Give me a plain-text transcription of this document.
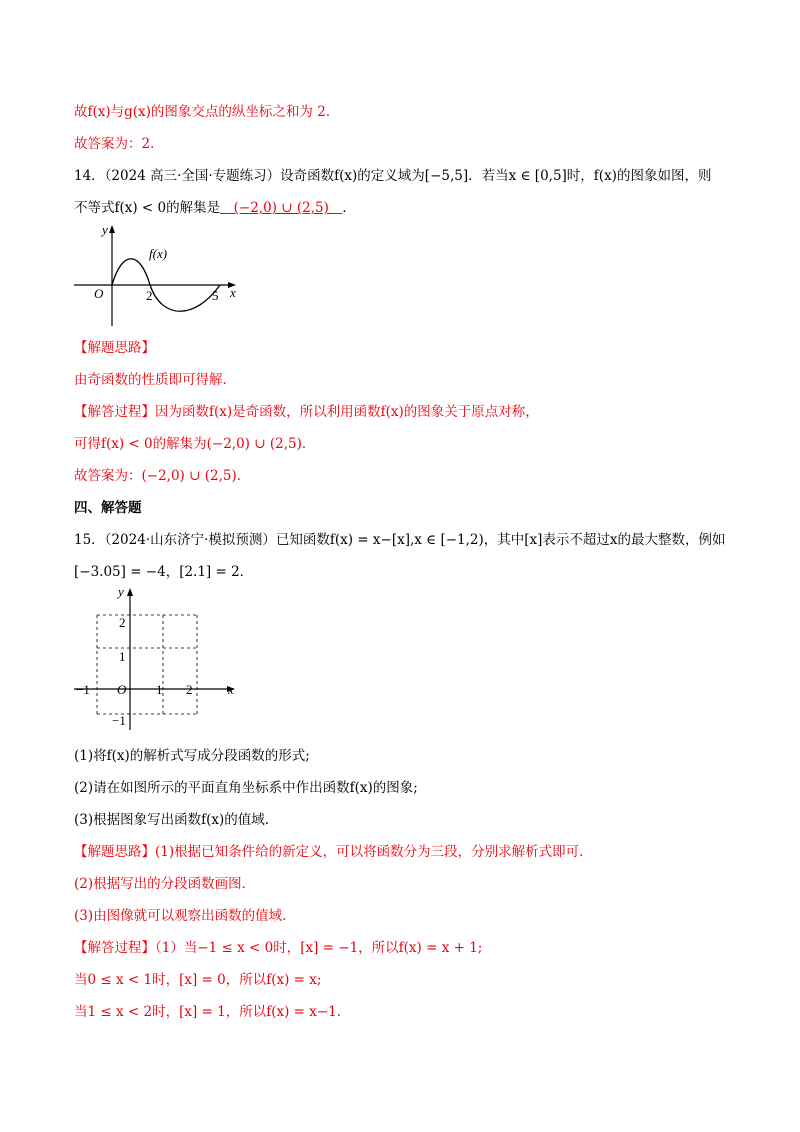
故f(x)与g(x)的图象交点的纵坐标之和为 2．
故答案为：2．
14．（2024 高三·全国·专题练习）设奇函数f(x)的定义域为[−5,5]．若当x ∈ [0,5]时，f(x)的图象如图，则
【解题思路】
由奇函数的性质即可得解．
【解答过程】因为函数f(x)是奇函数，所以利用函数f(x)的图象关于原点对称，
可得f(x) < 0的解集为(−2,0) ∪ (2,5)．
故答案为：(−2,0) ∪ (2,5)．
四、解答题
15．（2024·山东济宁·模拟预测）已知函数f(x) = x−[x],x ∈ [−1,2)，其中[x]表示不超过x的最大整数，例如
[−3.05] = −4，[2.1] = 2．
(1)将f(x)的解析式写成分段函数的形式;
(2)请在如图所示的平面直角坐标系中作出函数f(x)的图象;
(3)根据图象写出函数f(x)的值域．
【解题思路】(1)根据已知条件给的新定义，可以将函数分为三段，分别求解析式即可．
(2)根据写出的分段函数画图．
(3)由图像就可以观察出函数的值域．
【解答过程】（1）当−1 ≤ x < 0时，[x] = −1，所以f(x) = x + 1;
当0 ≤ x < 1时，[x] = 0，所以f(x) = x;
当1 ≤ x < 2时，[x] = 1，所以f(x) = x−1．
不等式f(x) < 0的解集是　(−2,0) ∪ (2,5)　．
y
x
O
f(x)
2	5
y
x
O
−1	1 2
2
1
−1
